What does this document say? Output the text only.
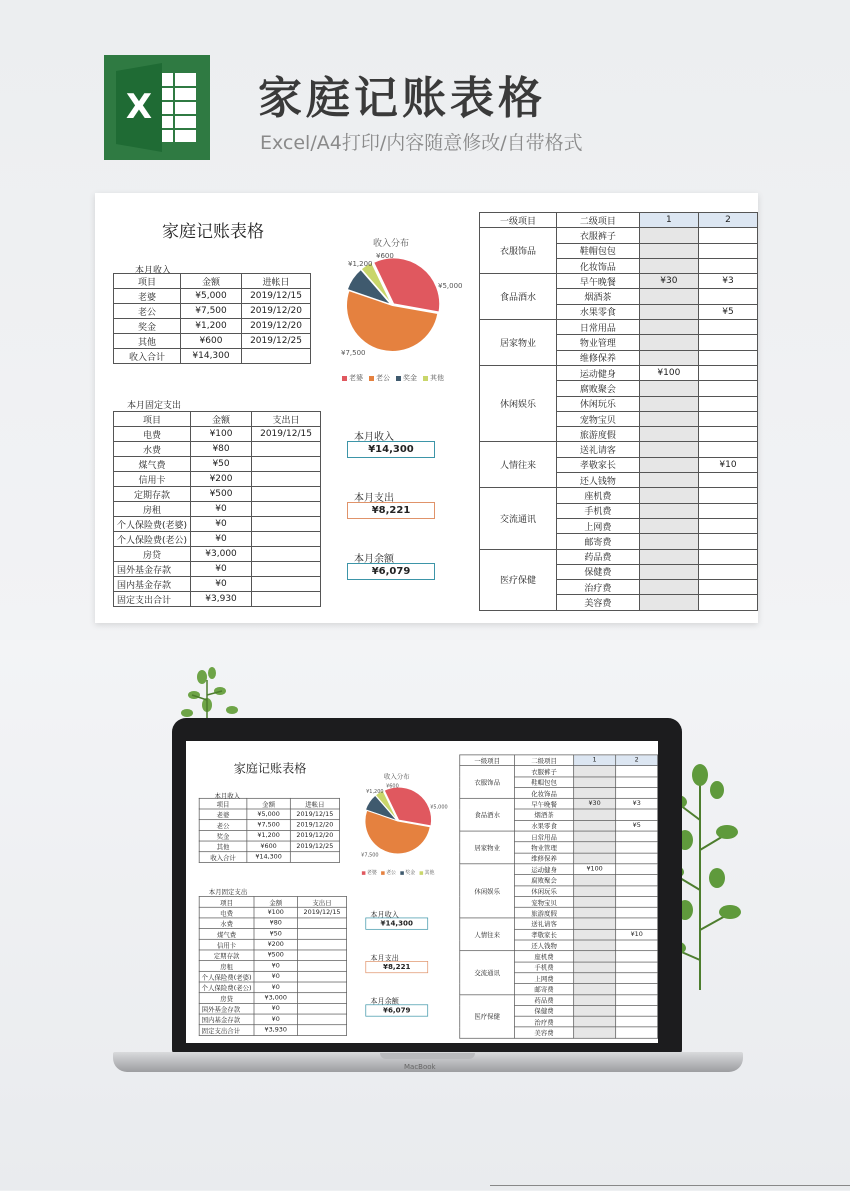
X 家庭记账表格
Excel/A4打印/内容随意修改/自带格式
家庭记账表格
本月收入
项目	金额	进帐日
老婆	¥5,000	2019/12/15
老公	¥7,500	2019/12/20
奖金	¥1,200	2019/12/20
其他	¥600	2019/12/25
收入合计	¥14,300	
本月固定支出
项目	金额	支出日
电费	¥100	2019/12/15
水费	¥80	
煤气费	¥50	
信用卡	¥200	
定期存款	¥500	
房租	¥0	
个人保险费(老婆)	¥0	
个人保险费(老公)	¥0	
房贷	¥3,000	
国外基金存款	¥0	
国内基金存款	¥0	
固定支出合计	¥3,930	
收入分布
¥5,000
¥7,500
¥1,200
¥600
老婆	老公	奖金	其他
本月收入
¥14,300
本月支出
¥8,221
本月余额
¥6,079
一级项目	二级项目	1	2
衣服饰品	衣服裤子		
	鞋帽包包		
	化妆饰品		
食品酒水	早午晚餐	¥30	¥3
	烟酒茶		
	水果零食		¥5
居家物业	日常用品		
	物业管理		
	维修保养		
休闲娱乐	运动健身	¥100	
	腐败聚会		
	休闲玩乐		
	宠物宝贝		
	旅游度假		
人情往来	送礼请客		
	孝敬家长		¥10
	还人钱物		
交流通讯	座机费		
	手机费		
	上网费		
	邮寄费		
医疗保健	药品费		
	保健费		
	治疗费		
	美容费		
家庭记账表格
本月收入
项目	金额	进帐日
老婆	¥5,000	2019/12/15
老公	¥7,500	2019/12/20
奖金	¥1,200	2019/12/20
其他	¥600	2019/12/25
收入合计	¥14,300	
本月固定支出
项目	金额	支出日
电费	¥100	2019/12/15
水费	¥80	
煤气费	¥50	
信用卡	¥200	
定期存款	¥500	
房租	¥0	
个人保险费(老婆)	¥0	
个人保险费(老公)	¥0	
房贷	¥3,000	
国外基金存款	¥0	
国内基金存款	¥0	
固定支出合计	¥3,930	
收入分布
¥5,000
¥7,500
¥1,200
¥600
老婆	老公	奖金	其他
本月收入
¥14,300
本月支出
¥8,221
本月余额
¥6,079
一级项目	二级项目	1	2
衣服饰品	衣服裤子		
	鞋帽包包		
	化妆饰品		
食品酒水	早午晚餐	¥30	¥3
	烟酒茶		
	水果零食		¥5
居家物业	日常用品		
	物业管理		
	维修保养		
休闲娱乐	运动健身	¥100	
	腐败聚会		
	休闲玩乐		
	宠物宝贝		
	旅游度假		
人情往来	送礼请客		
	孝敬家长		¥10
	还人钱物		
交流通讯	座机费		
	手机费		
	上网费		
	邮寄费		
医疗保健	药品费		
	保健费		
	治疗费		
	美容费		
MacBook
